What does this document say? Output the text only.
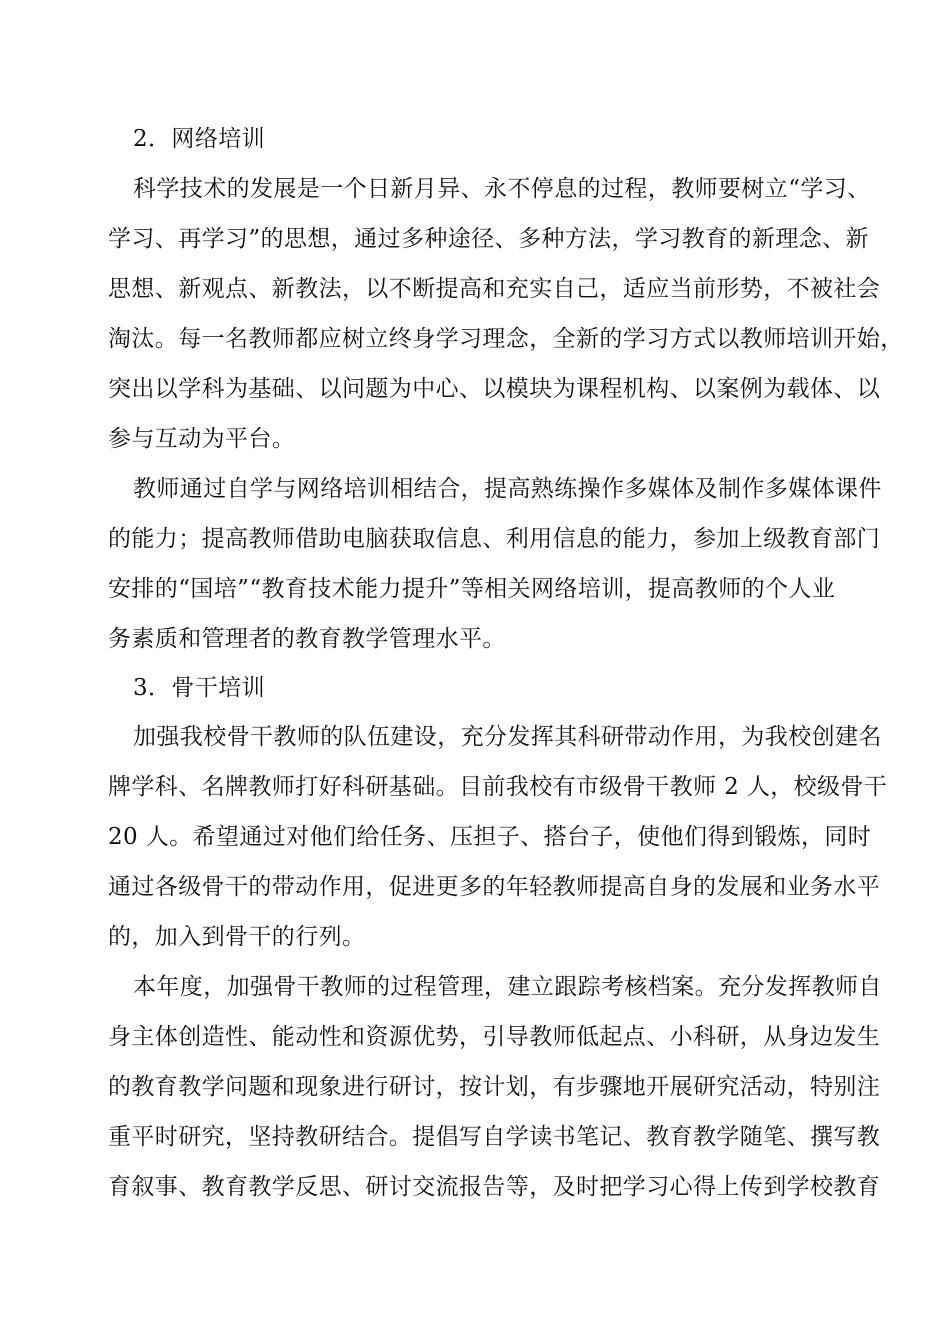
2．网络培训
科学技术的发展是一个日新月异、永不停息的过程，教师要树立“学习、
学习、再学习”的思想，通过多种途径、多种方法，学习教育的新理念、新
思想、新观点、新教法，以不断提高和充实自己，适应当前形势，不被社会
淘汰。每一名教师都应树立终身学习理念，全新的学习方式以教师培训开始，
突出以学科为基础、以问题为中心、以模块为课程机构、以案例为载体、以
参与互动为平台。
教师通过自学与网络培训相结合，提高熟练操作多媒体及制作多媒体课件
的能力；提高教师借助电脑获取信息、利用信息的能力，参加上级教育部门
安排的“国培”“教育技术能力提升”等相关网络培训，提高教师的个人业
务素质和管理者的教育教学管理水平。
3．骨干培训
加强我校骨干教师的队伍建设，充分发挥其科研带动作用，为我校创建名
牌学科、名牌教师打好科研基础。目前我校有市级骨干教师 2 人，校级骨干
20 人。希望通过对他们给任务、压担子、搭台子，使他们得到锻炼，同时
通过各级骨干的带动作用，促进更多的年轻教师提高自身的发展和业务水平
的，加入到骨干的行列。
本年度，加强骨干教师的过程管理，建立跟踪考核档案。充分发挥教师自
身主体创造性、能动性和资源优势，引导教师低起点、小科研，从身边发生
的教育教学问题和现象进行研讨，按计划，有步骤地开展研究活动，特别注
重平时研究，坚持教研结合。提倡写自学读书笔记、教育教学随笔、撰写教
育叙事、教育教学反思、研讨交流报告等，及时把学习心得上传到学校教育
